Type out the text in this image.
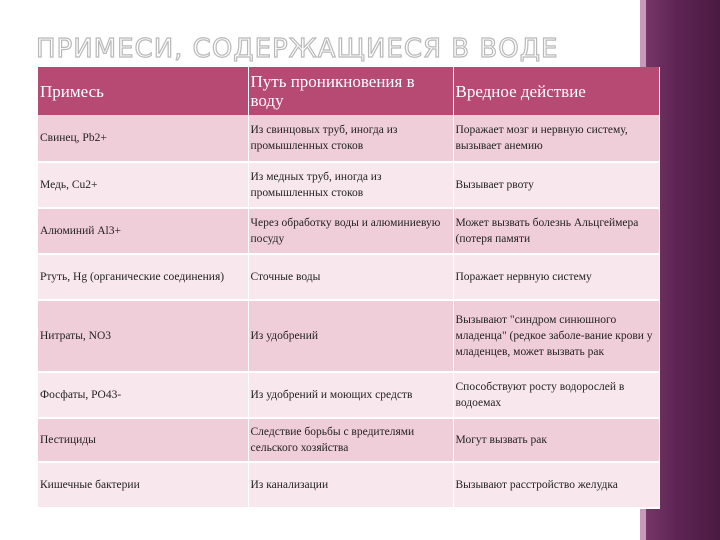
ПРИМЕСИ, СОДЕРЖАЩИЕСЯ В ВОДЕ
Примесь	Путь проникновения в воду	Вредное действие
Свинец, Pb2+	Из свинцовых труб, иногда из промышленных стоков	Поражает мозг и нервную систему, вызывает анемию
Медь, Cu2+	Из медных труб, иногда из промышленных стоков	Вызывает рвоту
Алюминий Al3+	Через обработку воды и алюминиевую посуду	Может вызвать болезнь Альцгеймера (потеря памяти
Ртуть, Hg (органические соединения)	Сточные воды	Поражает нервную систему
Нитраты, NO3	Из удобрений	Вызывают "синдром синюшного младенца" (редкое заболе-вание крови у младенцев, может вызвать рак
Фосфаты, PO43-	Из удобрений и моющих средств	Способствуют росту водорослей в водоемах
Пестициды	Следствие борьбы с вредителями сельского хозяйства	Могут вызвать рак
Кишечные бактерии	Из канализации	Вызывают расстройство желудка
